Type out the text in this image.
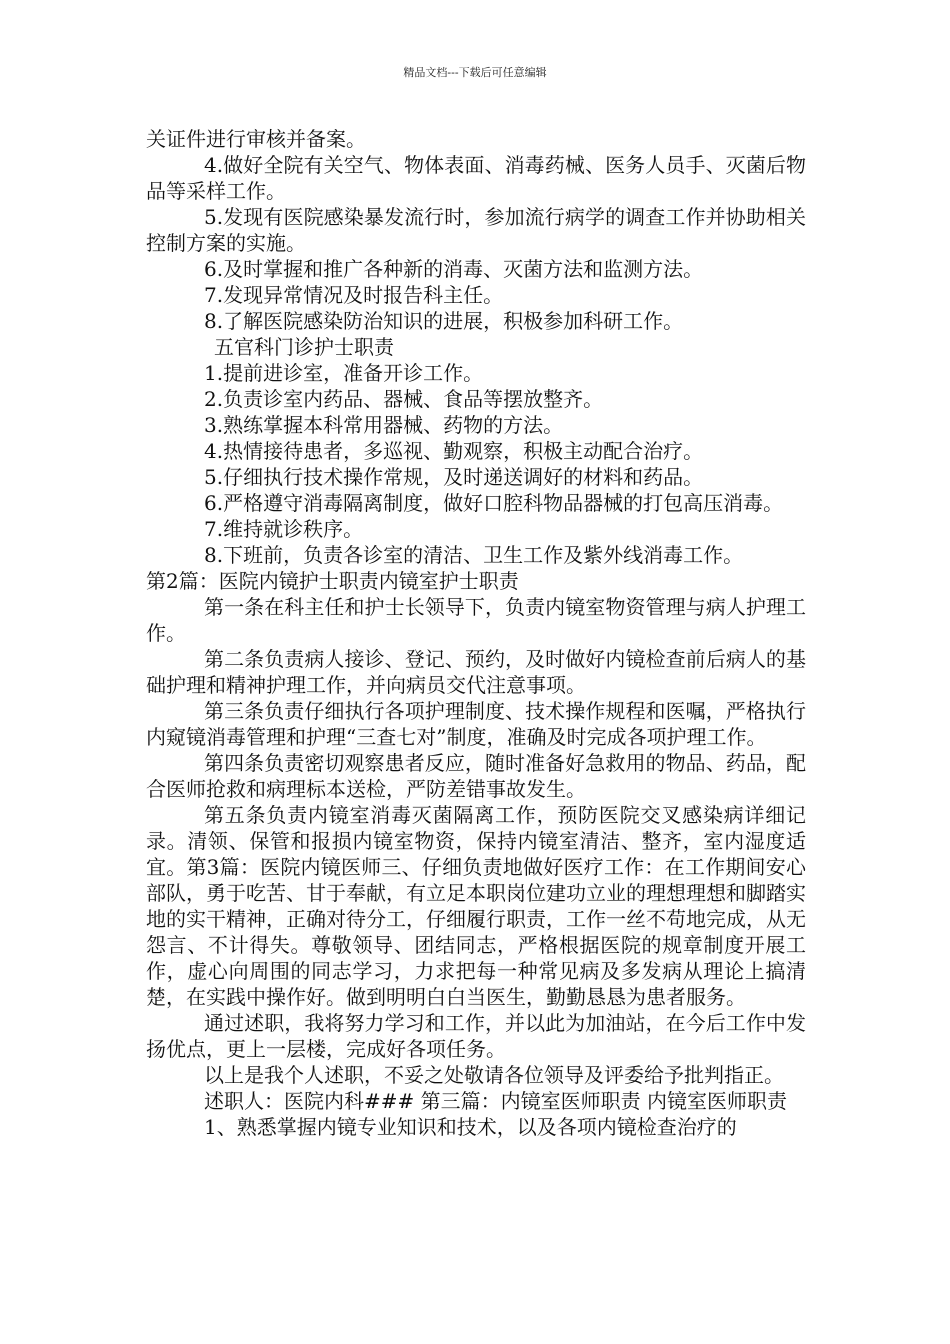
精品文档---下载后可任意编辑

关证件进行审核并备案。

4.做好全院有关空气、物体表面、消毒药械、医务人员手、灭菌后物品等采样工作。

5.发现有医院感染暴发流行时，参加流行病学的调查工作并协助相关控制方案的实施。

6.及时掌握和推广各种新的消毒、灭菌方法和监测方法。

7.发现异常情况及时报告科主任。

8.了解医院感染防治知识的进展，积极参加科研工作。

五官科门诊护士职责

1.提前进诊室，准备开诊工作。

2.负责诊室内药品、器械、食品等摆放整齐。

3.熟练掌握本科常用器械、药物的方法。

4.热情接待患者，多巡视、勤观察，积极主动配合治疗。

5.仔细执行技术操作常规，及时递送调好的材料和药品。

6.严格遵守消毒隔离制度，做好口腔科物品器械的打包高压消毒。

7.维持就诊秩序。

8.下班前，负责各诊室的清洁、卫生工作及紫外线消毒工作。

第2篇：医院内镜护士职责内镜室护士职责

第一条在科主任和护士长领导下，负责内镜室物资管理与病人护理工作。

第二条负责病人接诊、登记、预约，及时做好内镜检查前后病人的基础护理和精神护理工作，并向病员交代注意事项。

第三条负责仔细执行各项护理制度、技术操作规程和医嘱，严格执行内窥镜消毒管理和护理“三查七对”制度，准确及时完成各项护理工作。

第四条负责密切观察患者反应，随时准备好急救用的物品、药品，配合医师抢救和病理标本送检，严防差错事故发生。

第五条负责内镜室消毒灭菌隔离工作，预防医院交叉感染病详细记录。清领、保管和报损内镜室物资，保持内镜室清洁、整齐，室内湿度适宜。第3篇：医院内镜医师三、仔细负责地做好医疗工作：在工作期间安心部队，勇于吃苦、甘于奉献，有立足本职岗位建功立业的理想理想和脚踏实地的实干精神，正确对待分工，仔细履行职责，工作一丝不苟地完成，从无怨言、不计得失。尊敬领导、团结同志，严格根据医院的规章制度开展工作，虚心向周围的同志学习，力求把每一种常见病及多发病从理论上搞清楚，在实践中操作好。做到明明白白当医生，勤勤恳恳为患者服务。

通过述职，我将努力学习和工作，并以此为加油站，在今后工作中发扬优点，更上一层楼，完成好各项任务。

以上是我个人述职，不妥之处敬请各位领导及评委给予批判指正。

述职人：医院内科### 第三篇：内镜室医师职责 内镜室医师职责

1、熟悉掌握内镜专业知识和技术，以及各项内镜检查治疗的
